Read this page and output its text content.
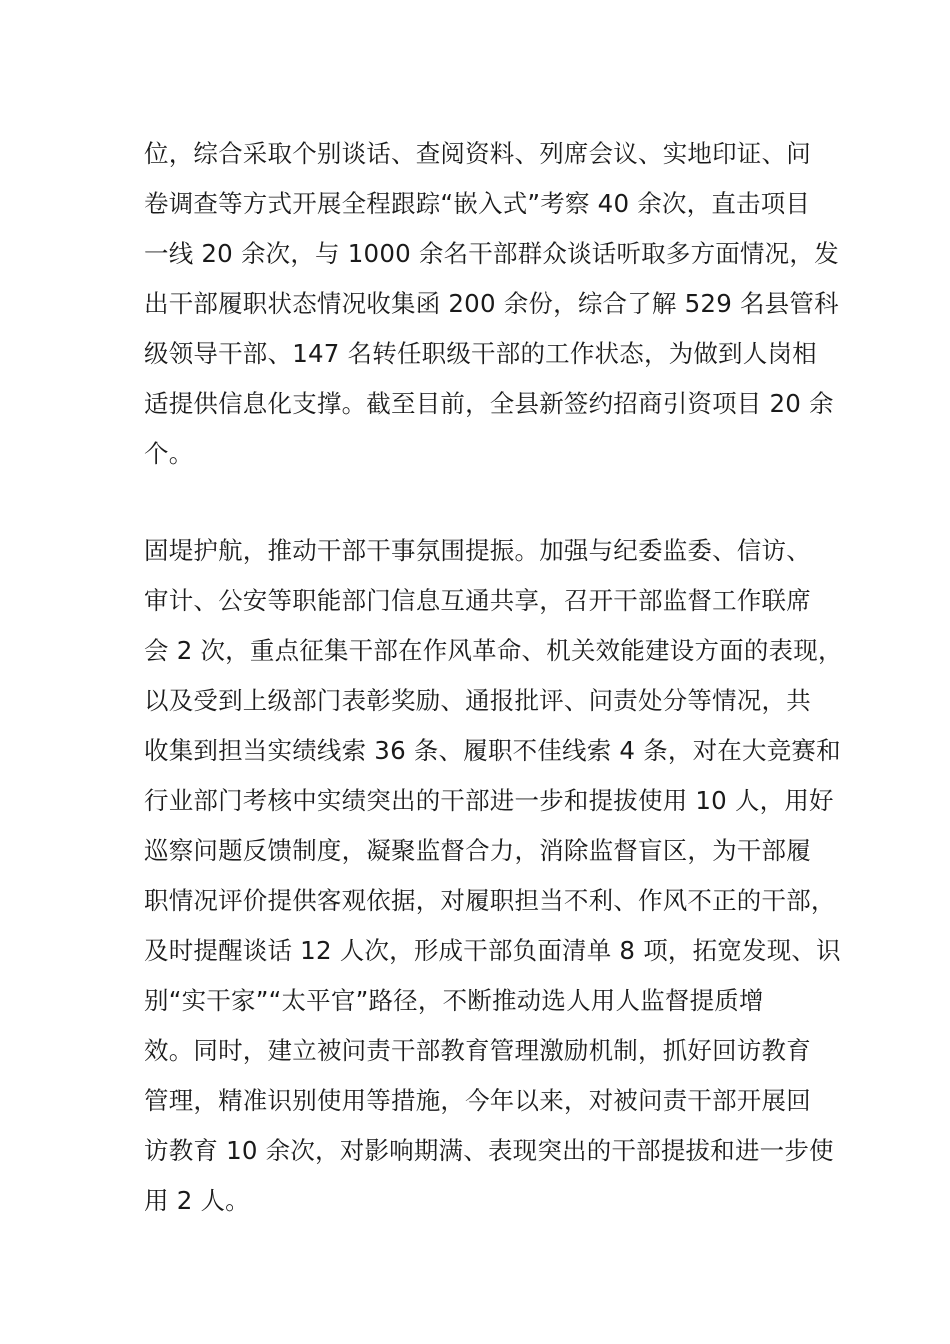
位，综合采取个别谈话、查阅资料、列席会议、实地印证、问
卷调查等方式开展全程跟踪“嵌入式”考察 40 余次，直击项目
一线 20 余次，与 1000 余名干部群众谈话听取多方面情况，发
出干部履职状态情况收集函 200 余份，综合了解 529 名县管科
级领导干部、147 名转任职级干部的工作状态，为做到人岗相
适提供信息化支撑。截至目前，全县新签约招商引资项目 20 余
个。
固堤护航，推动干部干事氛围提振。加强与纪委监委、信访、
审计、公安等职能部门信息互通共享，召开干部监督工作联席
会 2 次，重点征集干部在作风革命、机关效能建设方面的表现，
以及受到上级部门表彰奖励、通报批评、问责处分等情况，共
收集到担当实绩线索 36 条、履职不佳线索 4 条，对在大竞赛和
行业部门考核中实绩突出的干部进一步和提拔使用 10 人，用好
巡察问题反馈制度，凝聚监督合力，消除监督盲区，为干部履
职情况评价提供客观依据，对履职担当不利、作风不正的干部，
及时提醒谈话 12 人次，形成干部负面清单 8 项，拓宽发现、识
别“实干家”“太平官”路径，不断推动选人用人监督提质增
效。同时，建立被问责干部教育管理激励机制，抓好回访教育
管理，精准识别使用等措施，今年以来，对被问责干部开展回
访教育 10 余次，对影响期满、表现突出的干部提拔和进一步使
用 2 人。
